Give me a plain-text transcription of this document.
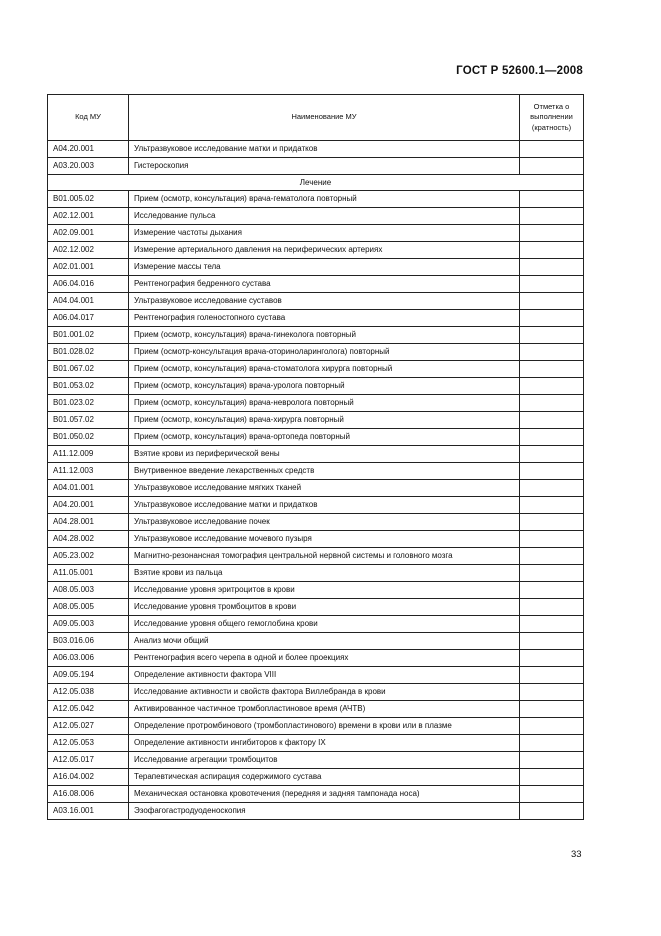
ГОСТ Р 52600.1—2008
Код МУ	Наименование МУ	Отметка о выполнении (кратность)
A04.20.001	Ультразвуковое исследование матки и придатков	
A03.20.003	Гистероскопия	
Лечение		
B01.005.02	Прием (осмотр, консультация) врача-гематолога повторный	
A02.12.001	Исследование пульса	
A02.09.001	Измерение частоты дыхания	
A02.12.002	Измерение артериального давления на периферических артериях	
A02.01.001	Измерение массы тела	
A06.04.016	Рентгенография бедренного сустава	
A04.04.001	Ультразвуковое исследование суставов	
A06.04.017	Рентгенография голеностопного сустава	
B01.001.02	Прием (осмотр, консультация) врача-гинеколога повторный	
B01.028.02	Прием (осмотр-консультация врача-оториноларинголога) повторный	
B01.067.02	Прием (осмотр, консультация) врача-стоматолога хирурга повторный	
B01.053.02	Прием (осмотр, консультация) врача-уролога повторный	
B01.023.02	Прием (осмотр, консультация) врача-невролога повторный	
B01.057.02	Прием (осмотр, консультация) врача-хирурга повторный	
B01.050.02	Прием (осмотр, консультация) врача-ортопеда повторный	
A11.12.009	Взятие крови из периферической вены	
A11.12.003	Внутривенное введение лекарственных средств	
A04.01.001	Ультразвуковое исследование мягких тканей	
A04.20.001	Ультразвуковое исследование матки и придатков	
A04.28.001	Ультразвуковое исследование почек	
A04.28.002	Ультразвуковое исследование мочевого пузыря	
A05.23.002	Магнитно-резонансная томография центральной нервной системы и головного мозга	
A11.05.001	Взятие крови из пальца	
A08.05.003	Исследование уровня эритроцитов в крови	
A08.05.005	Исследование уровня тромбоцитов в крови	
A09.05.003	Исследование уровня общего гемоглобина крови	
B03.016.06	Анализ мочи общий	
A06.03.006	Рентгенография всего черепа в одной и более проекциях	
A09.05.194	Определение активности фактора VIII	
A12.05.038	Исследование активности и свойств фактора Виллебранда в крови	
A12.05.042	Активированное частичное тромбопластиновое время (АЧТВ)	
A12.05.027	Определение протромбинового (тромбопластинового) времени в крови или в плазме	
A12.05.053	Определение активности ингибиторов к фактору IX	
A12.05.017	Исследование агрегации тромбоцитов	
A16.04.002	Терапевтическая аспирация содержимого сустава	
A16.08.006	Механическая остановка кровотечения (передняя и задняя тампонада носа)	
A03.16.001	Эзофагогастродуоденоскопия	
33
